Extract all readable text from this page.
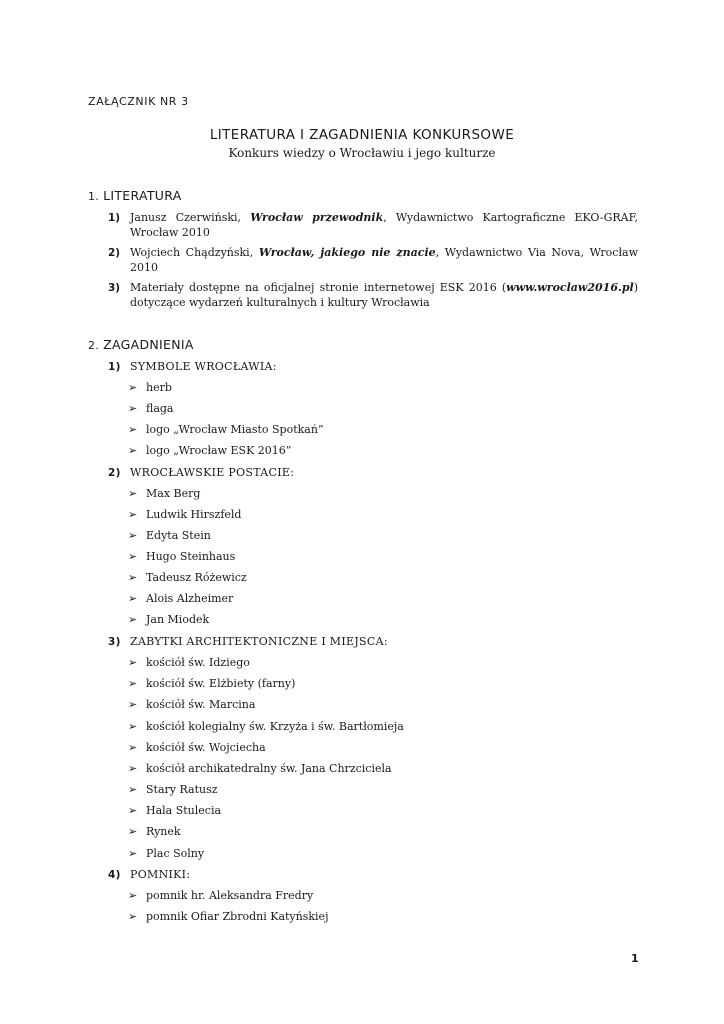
ZAŁĄCZNIK NR 3
LITERATURA I ZAGADNIENIA KONKURSOWE
Konkurs wiedzy o Wrocławiu i jego kulturze
1. LITERATURA
1) Janusz Czerwiński, Wrocław przewodnik, Wydawnictwo Kartograficzne EKO-GRAF, Wrocław 2010
2) Wojciech Chądzyński, Wrocław, jakiego nie znacie, Wydawnictwo Via Nova, Wrocław 2010
3) Materiały dostępne na oficjalnej stronie internetowej ESK 2016 (www.wroclaw2016.pl) dotyczące wydarzeń kulturalnych i kultury Wrocławia
2. ZAGADNIENIA
1) SYMBOLE WROCŁAWIA:
➢ herb
➢ flaga
➢ logo „Wrocław Miasto Spotkań”
➢ logo „Wrocław ESK 2016”
2) WROCŁAWSKIE POSTACIE:
➢ Max Berg
➢ Ludwik Hirszfeld
➢ Edyta Stein
➢ Hugo Steinhaus
➢ Tadeusz Różewicz
➢ Alois Alzheimer
➢ Jan Miodek
3) ZABYTKI ARCHITEKTONICZNE I MIEJSCA:
➢ kościół św. Idziego
➢ kościół św. Elżbiety (farny)
➢ kościół św. Marcina
➢ kościół kolegialny św. Krzyża i św. Bartłomieja
➢ kościół św. Wojciecha
➢ kościół archikatedralny św. Jana Chrzciciela
➢ Stary Ratusz
➢ Hala Stulecia
➢ Rynek
➢ Plac Solny
4) POMNIKI:
➢ pomnik hr. Aleksandra Fredry
➢ pomnik Ofiar Zbrodni Katyńskiej
1
